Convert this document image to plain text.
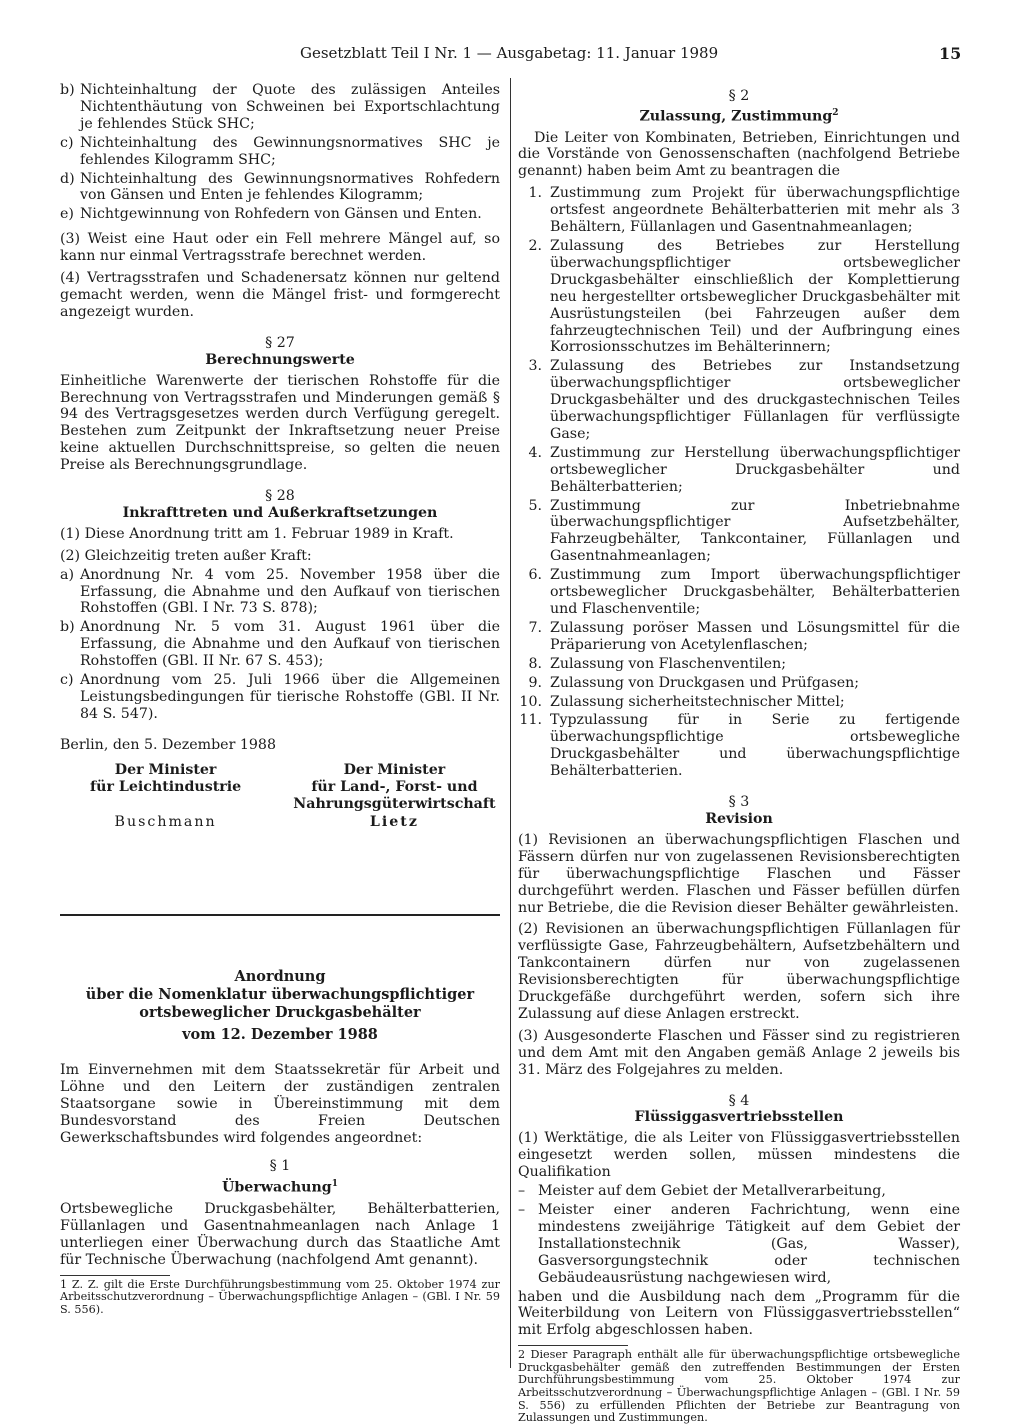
Gesetzblatt Teil I Nr. 1 — Ausgabetag: 11. Januar 1989	15
b) Nichteinhaltung der Quote des zulässigen Anteiles Nichtenthäutung von Schweinen bei Exportschlachtung je fehlendes Stück SHC;
c) Nichteinhaltung des Gewinnungsnormatives SHC je fehlendes Kilogramm SHC;
d) Nichteinhaltung des Gewinnungsnormatives Rohfedern von Gänsen und Enten je fehlendes Kilogramm;
e) Nichtgewinnung von Rohfedern von Gänsen und Enten.

(3) Weist eine Haut oder ein Fell mehrere Mängel auf, so kann nur einmal Vertragsstrafe berechnet werden.

(4) Vertragsstrafen und Schadenersatz können nur geltend gemacht werden, wenn die Mängel frist- und formgerecht angezeigt wurden.

§ 27
Berechnungswerte

Einheitliche Warenwerte der tierischen Rohstoffe für die Berechnung von Vertragsstrafen und Minderungen gemäß § 94 des Vertragsgesetzes werden durch Verfügung geregelt. Bestehen zum Zeitpunkt der Inkraftsetzung neuer Preise keine aktuellen Durchschnittspreise, so gelten die neuen Preise als Berechnungsgrundlage.

§ 28
Inkrafttreten und Außerkraftsetzungen

(1) Diese Anordnung tritt am 1. Februar 1989 in Kraft.

(2) Gleichzeitig treten außer Kraft:

a) Anordnung Nr. 4 vom 25. November 1958 über die Erfassung, die Abnahme und den Aufkauf von tierischen Rohstoffen (GBl. I Nr. 73 S. 878);
b) Anordnung Nr. 5 vom 31. August 1961 über die Erfassung, die Abnahme und den Aufkauf von tierischen Rohstoffen (GBl. II Nr. 67 S. 453);
c) Anordnung vom 25. Juli 1966 über die Allgemeinen Leistungsbedingungen für tierische Rohstoffe (GBl. II Nr. 84 S. 547).

Berlin, den 5. Dezember 1988

Der Minister
für Leichtindustrie
Buschmann
Der Minister
für Land-, Forst- und
Nahrungsgüterwirtschaft
Lietz
Anordnung
über die Nomenklatur überwachungspflichtiger
ortsbeweglicher Druckgasbehälter
vom 12. Dezember 1988

Im Einvernehmen mit dem Staatssekretär für Arbeit und Löhne und den Leitern der zuständigen zentralen Staatsorgane sowie in Übereinstimmung mit dem Bundesvorstand des Freien Deutschen Gewerkschaftsbundes wird folgendes angeordnet:

§ 1
Überwachung$^1$

Ortsbewegliche Druckgasbehälter, Behälterbatterien, Füllanlagen und Gasentnahmeanlagen nach Anlage 1 unterliegen einer Überwachung durch das Staatliche Amt für Technische Überwachung (nachfolgend Amt genannt).

1 Z. Z. gilt die Erste Durchführungsbestimmung vom 25. Oktober 1974 zur Arbeitsschutzverordnung – Überwachungspflichtige Anlagen – (GBl. I Nr. 59 S. 556).
§ 2
Zulassung, Zustimmung$^2$

Die Leiter von Kombinaten, Betrieben, Einrichtungen und die Vorstände von Genossenschaften (nachfolgend Betriebe genannt) haben beim Amt zu beantragen die

1. Zustimmung zum Projekt für überwachungspflichtige ortsfest angeordnete Behälterbatterien mit mehr als 3 Behältern, Füllanlagen und Gasentnahmeanlagen;
2. Zulassung des Betriebes zur Herstellung überwachungspflichtiger ortsbeweglicher Druckgasbehälter einschließlich der Komplettierung neu hergestellter ortsbeweglicher Druckgasbehälter mit Ausrüstungsteilen (bei Fahrzeugen außer dem fahrzeugtechnischen Teil) und der Aufbringung eines Korrosionsschutzes im Behälterinnern;
3. Zulassung des Betriebes zur Instandsetzung überwachungspflichtiger ortsbeweglicher Druckgasbehälter und des druckgastechnischen Teiles überwachungspflichtiger Füllanlagen für verflüssigte Gase;
4. Zustimmung zur Herstellung überwachungspflichtiger ortsbeweglicher Druckgasbehälter und Behälterbatterien;
5. Zustimmung zur Inbetriebnahme überwachungspflichtiger Aufsetzbehälter, Fahrzeugbehälter, Tankcontainer, Füllanlagen und Gasentnahmeanlagen;
6. Zustimmung zum Import überwachungspflichtiger ortsbeweglicher Druckgasbehälter, Behälterbatterien und Flaschenventile;
7. Zulassung poröser Massen und Lösungsmittel für die Präparierung von Acetylenflaschen;
8. Zulassung von Flaschenventilen;
9. Zulassung von Druckgasen und Prüfgasen;
10. Zulassung sicherheitstechnischer Mittel;
11. Typzulassung für in Serie zu fertigende überwachungspflichtige ortsbewegliche Druckgasbehälter und überwachungspflichtige Behälterbatterien.
§ 3
Revision

(1) Revisionen an überwachungspflichtigen Flaschen und Fässern dürfen nur von zugelassenen Revisionsberechtigten für überwachungspflichtige Flaschen und Fässer durchgeführt werden. Flaschen und Fässer befüllen dürfen nur Betriebe, die die Revision dieser Behälter gewährleisten.

(2) Revisionen an überwachungspflichtigen Füllanlagen für verflüssigte Gase, Fahrzeugbehältern, Aufsetzbehältern und Tankcontainern dürfen nur von zugelassenen Revisionsberechtigten für überwachungspflichtige Druckgefäße durchgeführt werden, sofern sich ihre Zulassung auf diese Anlagen erstreckt.

(3) Ausgesonderte Flaschen und Fässer sind zu registrieren und dem Amt mit den Angaben gemäß Anlage 2 jeweils bis 31. März des Folgejahres zu melden.

§ 4
Flüssiggasvertriebsstellen

(1) Werktätige, die als Leiter von Flüssiggasvertriebsstellen eingesetzt werden sollen, müssen mindestens die Qualifikation

– Meister auf dem Gebiet der Metallverarbeitung,
– Meister einer anderen Fachrichtung, wenn eine mindestens zweijährige Tätigkeit auf dem Gebiet der Installationstechnik (Gas, Wasser), Gasversorgungstechnik oder technischen Gebäudeausrüstung nachgewiesen wird,

haben und die Ausbildung nach dem „Programm für die Weiterbildung von Leitern von Flüssiggasvertriebsstellen“ mit Erfolg abgeschlossen haben.

2 Dieser Paragraph enthält alle für überwachungspflichtige ortsbewegliche Druckgasbehälter gemäß den zutreffenden Bestimmungen der Ersten Durchführungsbestimmung vom 25. Oktober 1974 zur Arbeitsschutzverordnung – Überwachungspflichtige Anlagen – (GBl. I Nr. 59 S. 556) zu erfüllenden Pflichten der Betriebe zur Beantragung von Zulassungen und Zustimmungen.
